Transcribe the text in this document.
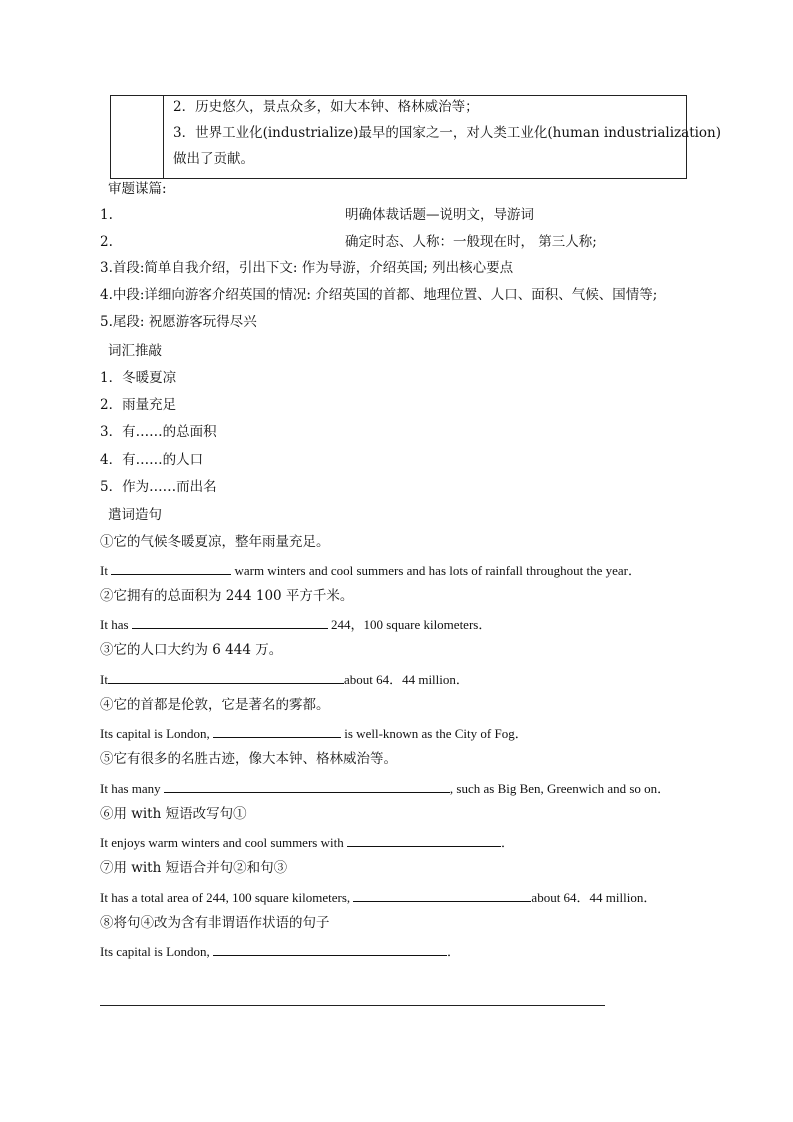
2．历史悠久，景点众多，如大本钟、格林威治等；
3．世界工业化(industrialize)最早的国家之一，对人类工业化(human industrialization)
做出了贡献。
审题谋篇:
1.	明确体裁话题—说明文，导游词
2.	确定时态、人称：一般现在时， 第三人称;
3.首段:简单自我介绍，引出下文: 作为导游，介绍英国; 列出核心要点
4.中段:详细向游客介绍英国的情况: 介绍英国的首都、地理位置、人口、面积、气候、国情等;
5.尾段: 祝愿游客玩得尽兴
词汇推敲
1．冬暖夏凉
2．雨量充足
3．有……的总面积
4．有……的人口
5．作为……而出名
遣词造句
①它的气候冬暖夏凉，整年雨量充足。
It	warm winters and cool summers and has lots of rainfall throughout the year．
②它拥有的总面积为 244 100 平方千米。
It has	244，100 square kilometers．
③它的人口大约为 6 444 万。
It	about 64．44 million．
④它的首都是伦敦，它是著名的雾都。
Its capital is London,	is well-known as the City of Fog．
⑤它有很多的名胜古迹，像大本钟、格林威治等。
It has many	, such as Big Ben, Greenwich and so on．
⑥用 with 短语改写句①
It enjoys warm winters and cool summers with	．
⑦用 with 短语合并句②和句③
It has a total area of 244, 100 square kilometers,	about 64．44 million．
⑧将句④改为含有非谓语作状语的句子
Its capital is London,	．
